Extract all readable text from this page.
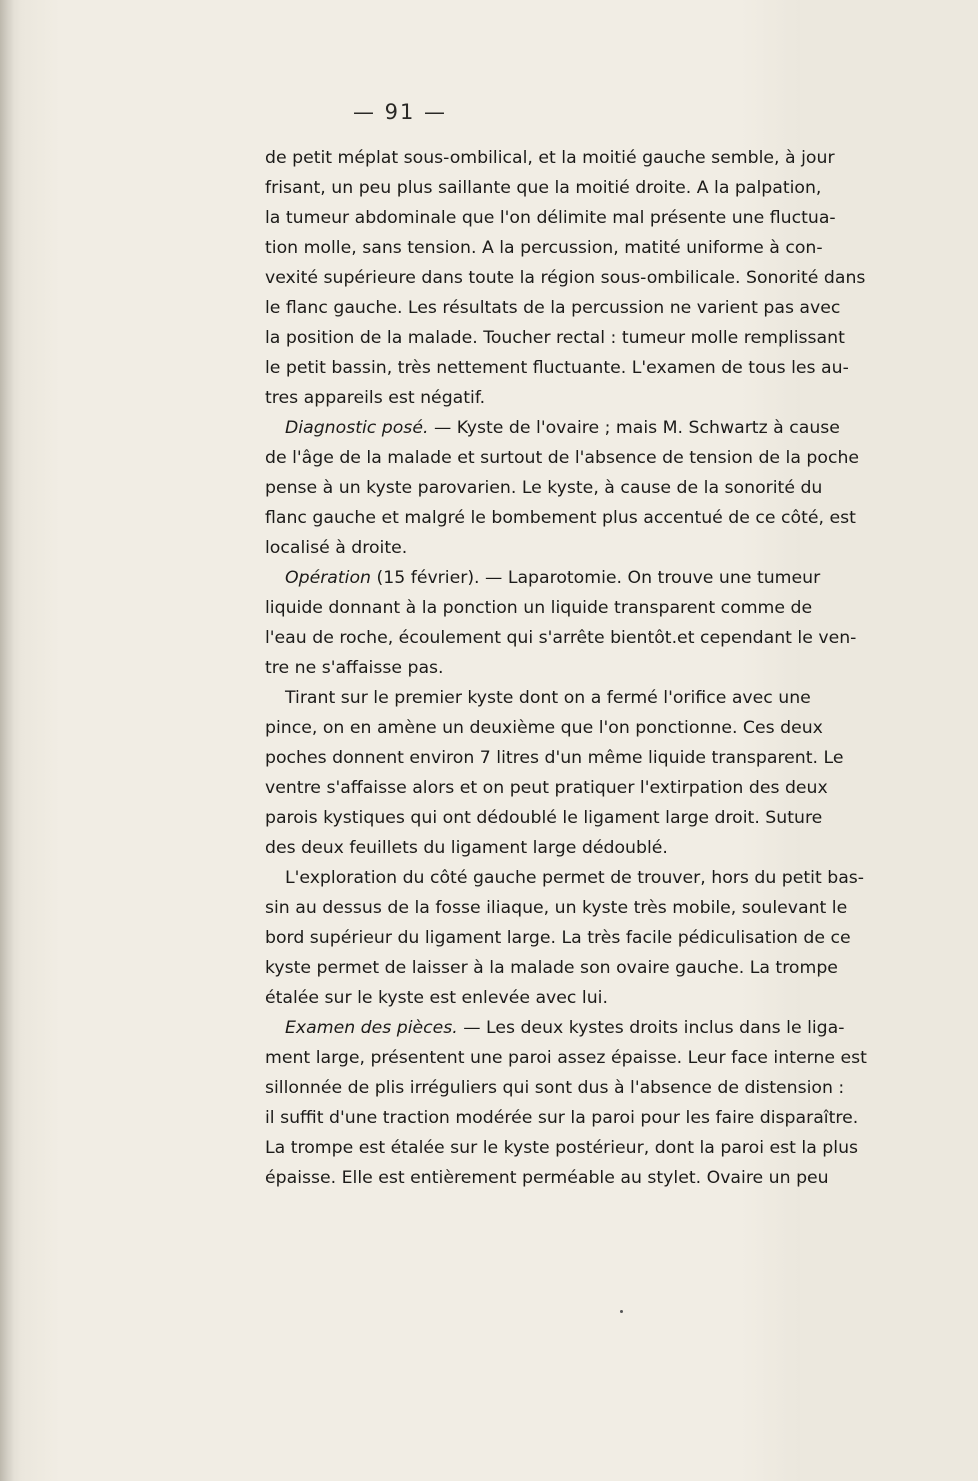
— 91 —
de petit méplat sous-ombilical, et la moitié gauche semble, à jour
frisant, un peu plus saillante que la moitié droite. A la palpation,
la tumeur abdominale que l'on délimite mal présente une fluctua-
tion molle, sans tension. A la percussion, matité uniforme à con-
vexité supérieure dans toute la région sous-ombilicale. Sonorité dans
le flanc gauche. Les résultats de la percussion ne varient pas avec
la position de la malade. Toucher rectal : tumeur molle remplissant
le petit bassin, très nettement fluctuante. L'examen de tous les au-
tres appareils est négatif.
Diagnostic posé. — Kyste de l'ovaire ; mais M. Schwartz à cause
de l'âge de la malade et surtout de l'absence de tension de la poche
pense à un kyste parovarien. Le kyste, à cause de la sonorité du
flanc gauche et malgré le bombement plus accentué de ce côté, est
localisé à droite.
Opération (15 février). — Laparotomie. On trouve une tumeur
liquide donnant à la ponction un liquide transparent comme de
l'eau de roche, écoulement qui s'arrête bientôt.et cependant le ven-
tre ne s'affaisse pas.
Tirant sur le premier kyste dont on a fermé l'orifice avec une
pince, on en amène un deuxième que l'on ponctionne. Ces deux
poches donnent environ 7 litres d'un même liquide transparent. Le
ventre s'affaisse alors et on peut pratiquer l'extirpation des deux
parois kystiques qui ont dédoublé le ligament large droit. Suture
des deux feuillets du ligament large dédoublé.
L'exploration du côté gauche permet de trouver, hors du petit bas-
sin au dessus de la fosse iliaque, un kyste très mobile, soulevant le
bord supérieur du ligament large. La très facile pédiculisation de ce
kyste permet de laisser à la malade son ovaire gauche. La trompe
étalée sur le kyste est enlevée avec lui.
Examen des pièces. — Les deux kystes droits inclus dans le liga-
ment large, présentent une paroi assez épaisse. Leur face interne est
sillonnée de plis irréguliers qui sont dus à l'absence de distension :
il suffit d'une traction modérée sur la paroi pour les faire disparaître.
La trompe est étalée sur le kyste postérieur, dont la paroi est la plus
épaisse. Elle est entièrement perméable au stylet. Ovaire un peu
